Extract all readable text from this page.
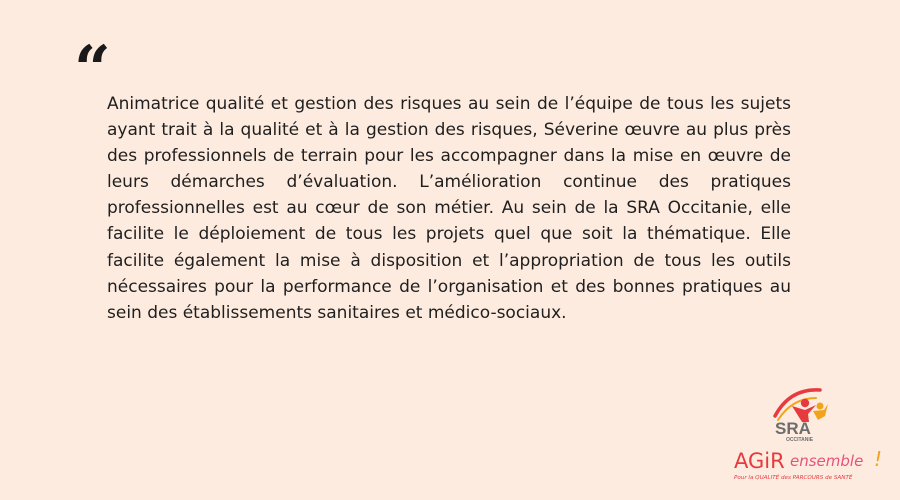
“

Animatrice qualité et gestion des risques au sein de l’équipe de tous les sujets ayant trait à la qualité et à la gestion des risques, Séverine œuvre au plus près des professionnels de terrain pour les accompagner dans la mise en œuvre de leurs démarches d’évaluation. L’amélioration continue des pratiques professionnelles est au cœur de son métier. Au sein de la SRA Occitanie, elle facilite le déploiement de tous les projets quel que soit la thématique. Elle facilite également la mise à disposition et l’appropriation de tous les outils nécessaires pour la performance de l’organisation et des bonnes pratiques au sein des établissements sanitaires et médico-sociaux.

SRA
OCCITANIE
AGiR ensemble !
Pour la QUALITÉ des PARCOURS de SANTÉ
